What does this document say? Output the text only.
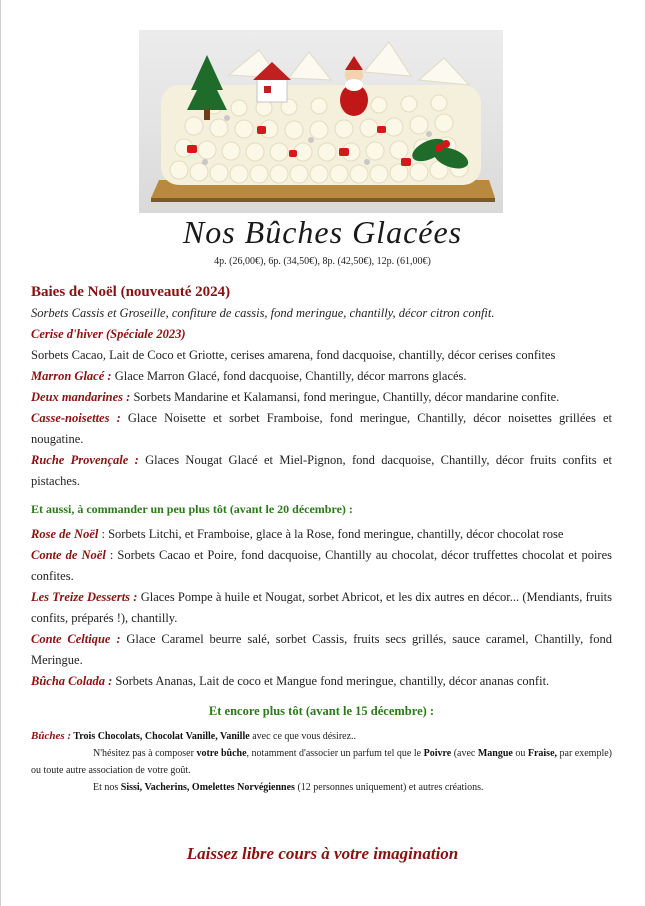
Nos Bûches Glacées
4p. (26,00€), 6p. (34,50€), 8p. (42,50€), 12p. (61,00€)

Baies de Noël (nouveauté 2024)
Sorbets Cassis et Groseille, confiture de cassis, fond meringue, chantilly, décor citron confit.

Cerise d'hiver (Spéciale 2023)
Sorbets Cacao, Lait de Coco et Griotte, cerises amarena, fond dacquoise, chantilly, décor cerises confites

Marron Glacé : Glace Marron Glacé, fond dacquoise, Chantilly, décor marrons glacés.

Deux mandarines : Sorbets Mandarine et Kalamansi, fond meringue, Chantilly, décor mandarine confite.

Casse-noisettes : Glace Noisette et sorbet Framboise, fond meringue, Chantilly, décor noisettes grillées et nougatine.

Ruche Provençale : Glaces Nougat Glacé et Miel-Pignon, fond dacquoise, Chantilly, décor fruits confits et pistaches.

Et aussi, à commander un peu plus tôt (avant le 20 décembre) :

Rose de Noël : Sorbets Litchi, et Framboise, glace à la Rose, fond meringue, chantilly, décor chocolat rose

Conte de Noël : Sorbets Cacao et Poire, fond dacquoise, Chantilly au chocolat, décor truffettes chocolat et poires confites.

Les Treize Desserts : Glaces Pompe à huile et Nougat, sorbet Abricot, et les dix autres en décor... (Mendiants, fruits confits, préparés !), chantilly.

Conte Celtique : Glace Caramel beurre salé, sorbet Cassis, fruits secs grillés, sauce caramel, Chantilly, fond Meringue.

Bûcha Colada : Sorbets Ananas, Lait de coco et Mangue fond meringue, chantilly, décor ananas confit.

Et encore plus tôt (avant le 15 décembre) :

Bûches : Trois Chocolats, Chocolat Vanille, Vanille avec ce que vous désirez..

N'hésitez pas à composer votre bûche, notamment d'associer un parfum tel que le Poivre (avec Mangue ou Fraise, par exemple) ou toute autre association de votre goût.

Et nos Sissi, Vacherins, Omelettes Norvégiennes (12 personnes uniquement) et autres créations.

Laissez libre cours à votre imagination
